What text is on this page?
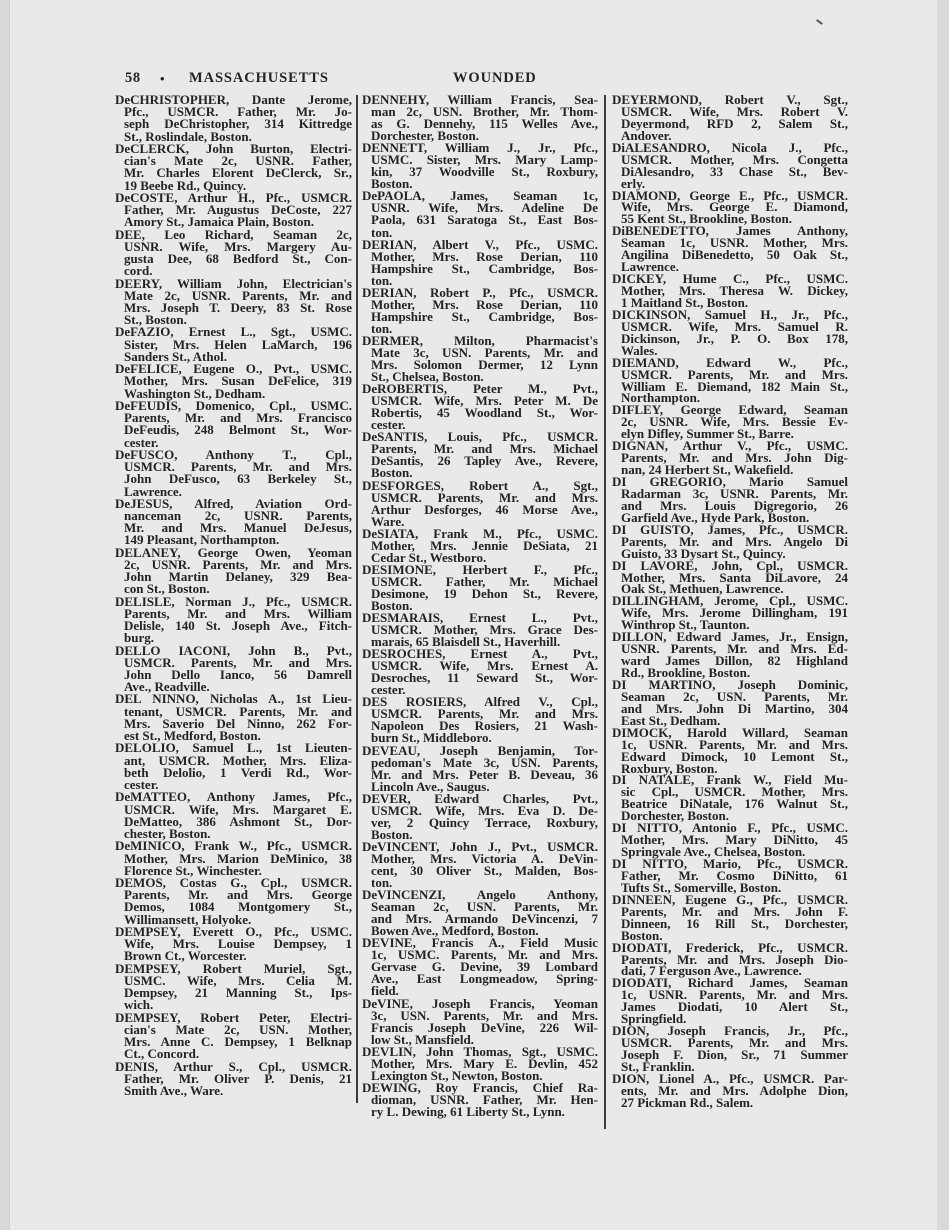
58 • MASSACHUSETTS	WOUNDED
DeCHRISTOPHER, Dante Jerome,
Pfc., USMCR. Father, Mr. Jo-
seph DeChristopher, 314 Kittredge
St., Roslindale, Boston.
DeCLERCK, John Burton, Electri-
cian's Mate 2c, USNR. Father,
Mr. Charles Elorent DeClerck, Sr.,
19 Beebe Rd., Quincy.
DeCOSTE, Arthur H., Pfc., USMCR.
Father, Mr. Augustus DeCoste, 227
Amory St., Jamaica Plain, Boston.
DEE, Leo Richard, Seaman 2c,
USNR. Wife, Mrs. Margery Au-
gusta Dee, 68 Bedford St., Con-
cord.
DEERY, William John, Electrician's
Mate 2c, USNR. Parents, Mr. and
Mrs. Joseph T. Deery, 83 St. Rose
St., Boston.
DeFAZIO, Ernest L., Sgt., USMC.
Sister, Mrs. Helen LaMarch, 196
Sanders St., Athol.
DeFELICE, Eugene O., Pvt., USMC.
Mother, Mrs. Susan DeFelice, 319
Washington St., Dedham.
DeFEUDIS, Domenico, Cpl., USMC.
Parents, Mr. and Mrs. Francisco
DeFeudis, 248 Belmont St., Wor-
cester.
DeFUSCO, Anthony T., Cpl.,
USMCR. Parents, Mr. and Mrs.
John DeFusco, 63 Berkeley St.,
Lawrence.
DeJESUS, Alfred, Aviation Ord-
nanceman 2c, USNR. Parents,
Mr. and Mrs. Manuel DeJesus,
149 Pleasant, Northampton.
DELANEY, George Owen, Yeoman
2c, USNR. Parents, Mr. and Mrs.
John Martin Delaney, 329 Bea-
con St., Boston.
DELISLE, Norman J., Pfc., USMCR.
Parents, Mr. and Mrs. William
Delisle, 140 St. Joseph Ave., Fitch-
burg.
DELLO IACONI, John B., Pvt.,
USMCR. Parents, Mr. and Mrs.
John Dello Ianco, 56 Damrell
Ave., Readville.
DEL NINNO, Nicholas A., 1st Lieu-
tenant, USMCR. Parents, Mr. and
Mrs. Saverio Del Ninno, 262 For-
est St., Medford, Boston.
DELOLIO, Samuel L., 1st Lieuten-
ant, USMCR. Mother, Mrs. Eliza-
beth Delolio, 1 Verdi Rd., Wor-
cester.
DeMATTEO, Anthony James, Pfc.,
USMCR. Wife, Mrs. Margaret E.
DeMatteo, 386 Ashmont St., Dor-
chester, Boston.
DeMINICO, Frank W., Pfc., USMCR.
Mother, Mrs. Marion DeMinico, 38
Florence St., Winchester.
DEMOS, Costas G., Cpl., USMCR.
Parents, Mr. and Mrs. George
Demos, 1084 Montgomery St.,
Willimansett, Holyoke.
DEMPSEY, Everett O., Pfc., USMC.
Wife, Mrs. Louise Dempsey, 1
Brown Ct., Worcester.
DEMPSEY, Robert Muriel, Sgt.,
USMC. Wife, Mrs. Celia M.
Dempsey, 21 Manning St., Ips-
wich.
DEMPSEY, Robert Peter, Electri-
cian's Mate 2c, USN. Mother,
Mrs. Anne C. Dempsey, 1 Belknap
Ct., Concord.
DENIS, Arthur S., Cpl., USMCR.
Father, Mr. Oliver P. Denis, 21
Smith Ave., Ware.
DENNEHY, William Francis, Sea-
man 2c, USN. Brother, Mr. Thom-
as G. Dennehy, 115 Welles Ave.,
Dorchester, Boston.
DENNETT, William J., Jr., Pfc.,
USMC. Sister, Mrs. Mary Lamp-
kin, 37 Woodville St., Roxbury,
Boston.
DePAOLA, James, Seaman 1c,
USNR. Wife, Mrs. Adeline De
Paola, 631 Saratoga St., East Bos-
ton.
DERIAN, Albert V., Pfc., USMC.
Mother, Mrs. Rose Derian, 110
Hampshire St., Cambridge, Bos-
ton.
DERIAN, Robert P., Pfc., USMCR.
Mother, Mrs. Rose Derian, 110
Hampshire St., Cambridge, Bos-
ton.
DERMER, Milton, Pharmacist's
Mate 3c, USN. Parents, Mr. and
Mrs. Solomon Dermer, 12 Lynn
St., Chelsea, Boston.
DeROBERTIS, Peter M., Pvt.,
USMCR. Wife, Mrs. Peter M. De
Robertis, 45 Woodland St., Wor-
cester.
DeSANTIS, Louis, Pfc., USMCR.
Parents, Mr. and Mrs. Michael
DeSantis, 26 Tapley Ave., Revere,
Boston.
DESFORGES, Robert A., Sgt.,
USMCR. Parents, Mr. and Mrs.
Arthur Desforges, 46 Morse Ave.,
Ware.
DeSIATA, Frank M., Pfc., USMC.
Mother, Mrs. Jennie DeSiata, 21
Cedar St., Westboro.
DESIMONE, Herbert F., Pfc.,
USMCR. Father, Mr. Michael
Desimone, 19 Dehon St., Revere,
Boston.
DESMARAIS, Ernest L., Pvt.,
USMCR. Mother, Mrs. Grace Des-
marais, 65 Blaisdell St., Haverhill.
DESROCHES, Ernest A., Pvt.,
USMCR. Wife, Mrs. Ernest A.
Desroches, 11 Seward St., Wor-
cester.
DES ROSIERS, Alfred V., Cpl.,
USMCR. Parents, Mr. and Mrs.
Napoleon Des Rosiers, 21 Wash-
burn St., Middleboro.
DEVEAU, Joseph Benjamin, Tor-
pedoman's Mate 3c, USN. Parents,
Mr. and Mrs. Peter B. Deveau, 36
Lincoln Ave., Saugus.
DEVER, Edward Charles, Pvt.,
USMCR. Wife, Mrs. Eva D. De-
ver, 2 Quincy Terrace, Roxbury,
Boston.
DeVINCENT, John J., Pvt., USMCR.
Mother, Mrs. Victoria A. DeVin-
cent, 30 Oliver St., Malden, Bos-
ton.
DeVINCENZI, Angelo Anthony,
Seaman 2c, USN. Parents, Mr.
and Mrs. Armando DeVincenzi, 7
Bowen Ave., Medford, Boston.
DEVINE, Francis A., Field Music
1c, USMC. Parents, Mr. and Mrs.
Gervase G. Devine, 39 Lombard
Ave., East Longmeadow, Spring-
field.
DeVINE, Joseph Francis, Yeoman
3c, USN. Parents, Mr. and Mrs.
Francis Joseph DeVine, 226 Wil-
low St., Mansfield.
DEVLIN, John Thomas, Sgt., USMC.
Mother, Mrs. Mary E. Devlin, 452
Lexington St., Newton, Boston.
DEWING, Roy Francis, Chief Ra-
dioman, USNR. Father, Mr. Hen-
ry L. Dewing, 61 Liberty St., Lynn.
DEYERMOND, Robert V., Sgt.,
USMCR. Wife, Mrs. Robert V.
Deyermond, RFD 2, Salem St.,
Andover.
DiALESANDRO, Nicola J., Pfc.,
USMCR. Mother, Mrs. Congetta
DiAlesandro, 33 Chase St., Bev-
erly.
DIAMOND, George E., Pfc., USMCR.
Wife, Mrs. George E. Diamond,
55 Kent St., Brookline, Boston.
DiBENEDETTO, James Anthony,
Seaman 1c, USNR. Mother, Mrs.
Angilina DiBenedetto, 50 Oak St.,
Lawrence.
DICKEY, Hume C., Pfc., USMC.
Mother, Mrs. Theresa W. Dickey,
1 Maitland St., Boston.
DICKINSON, Samuel H., Jr., Pfc.,
USMCR. Wife, Mrs. Samuel R.
Dickinson, Jr., P. O. Box 178,
Wales.
DIEMAND, Edward W., Pfc.,
USMCR. Parents, Mr. and Mrs.
William E. Diemand, 182 Main St.,
Northampton.
DIFLEY, George Edward, Seaman
2c, USNR. Wife, Mrs. Bessie Ev-
elyn Difley, Summer St., Barre.
DIGNAN, Arthur V., Pfc., USMC.
Parents, Mr. and Mrs. John Dig-
nan, 24 Herbert St., Wakefield.
DI GREGORIO, Mario Samuel
Radarman 3c, USNR. Parents, Mr.
and Mrs. Louis Digregorio, 26
Garfield Ave., Hyde Park, Boston.
DI GUISTO, James, Pfc., USMCR.
Parents, Mr. and Mrs. Angelo Di
Guisto, 33 Dysart St., Quincy.
DI LAVORE, John, Cpl., USMCR.
Mother, Mrs. Santa DiLavore, 24
Oak St., Methuen, Lawrence.
DILLINGHAM, Jerome, Cpl., USMC.
Wife, Mrs. Jerome Dillingham, 191
Winthrop St., Taunton.
DILLON, Edward James, Jr., Ensign,
USNR. Parents, Mr. and Mrs. Ed-
ward James Dillon, 82 Highland
Rd., Brookline, Boston.
DI MARTINO, Joseph Dominic,
Seaman 2c, USN. Parents, Mr.
and Mrs. John Di Martino, 304
East St., Dedham.
DIMOCK, Harold Willard, Seaman
1c, USNR. Parents, Mr. and Mrs.
Edward Dimock, 10 Lemont St.,
Roxbury, Boston.
DI NATALE, Frank W., Field Mu-
sic Cpl., USMCR. Mother, Mrs.
Beatrice DiNatale, 176 Walnut St.,
Dorchester, Boston.
DI NITTO, Antonio F., Pfc., USMC.
Mother, Mrs. Mary DiNitto, 45
Springvale Ave., Chelsea, Boston.
DI NITTO, Mario, Pfc., USMCR.
Father, Mr. Cosmo DiNitto, 61
Tufts St., Somerville, Boston.
DINNEEN, Eugene G., Pfc., USMCR.
Parents, Mr. and Mrs. John F.
Dinneen, 16 Rill St., Dorchester,
Boston.
DIODATI, Frederick, Pfc., USMCR.
Parents, Mr. and Mrs. Joseph Dio-
dati, 7 Ferguson Ave., Lawrence.
DIODATI, Richard James, Seaman
1c, USNR. Parents, Mr. and Mrs.
James Diodati, 10 Alert St.,
Springfield.
DION, Joseph Francis, Jr., Pfc.,
USMCR. Parents, Mr. and Mrs.
Joseph F. Dion, Sr., 71 Summer
St., Franklin.
DION, Lionel A., Pfc., USMCR. Par-
ents, Mr. and Mrs. Adolphe Dion,
27 Pickman Rd., Salem.
